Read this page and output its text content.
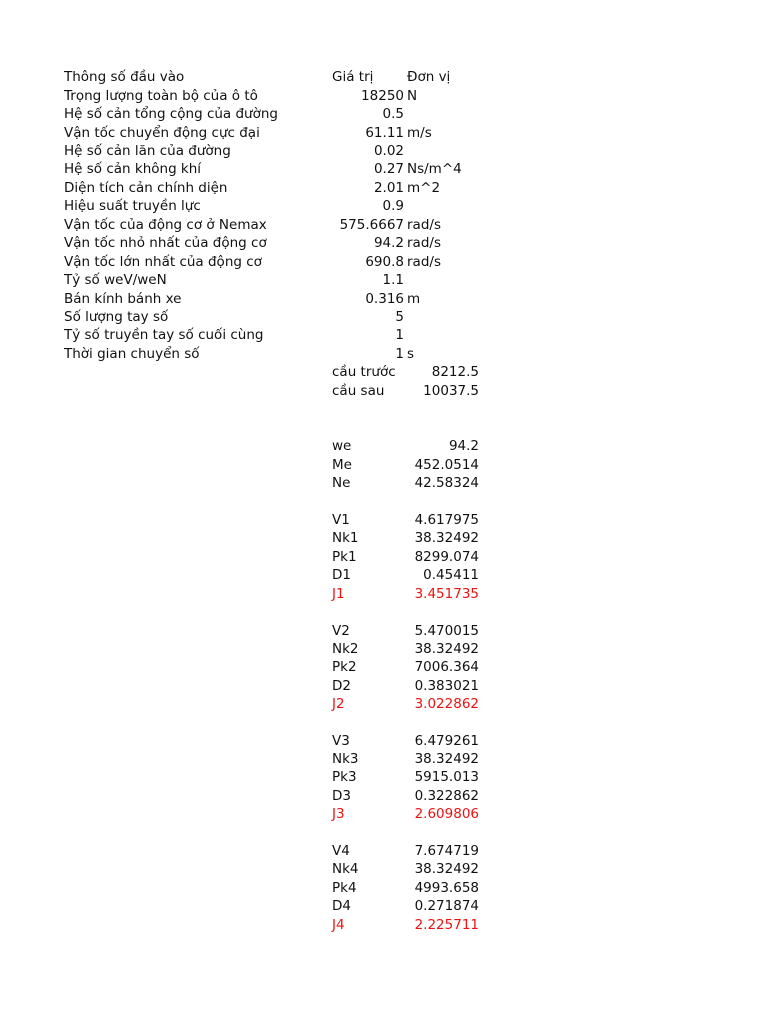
Thông số đầu vào	Giá trị Đơn vị
Trọng lượng toàn bộ của ô tô	18250 N
Hệ số cản tổng cộng của đường	0.5
Vận tốc chuyển động cực đại	61.11 m/s
Hệ số cản lăn của đường	0.02
Hệ số cản không khí	0.27 Ns/m^4
Diện tích cản chính diện	2.01 m^2
Hiệu suất truyền lực	0.9
Vận tốc của động cơ ở Nemax	575.6667 rad/s
Vận tốc nhỏ nhất của động cơ	94.2 rad/s
Vận tốc lớn nhất của động cơ	690.8 rad/s
Tỷ số weV/weN	1.1
Bán kính bánh xe	0.316 m
Số lượng tay số	5
Tỷ số truyền tay số cuối cùng	1
Thời gian chuyển số	1 s
cầu trước	8212.5
cầu sau	10037.5
we	94.2
Me	452.0514
Ne	42.58324
V1	4.617975
Nk1	38.32492
Pk1	8299.074
D1	0.45411
J1	3.451735
V2	5.470015
Nk2	38.32492
Pk2	7006.364
D2	0.383021
J2	3.022862
V3	6.479261
Nk3	38.32492
Pk3	5915.013
D3	0.322862
J3	2.609806
V4	7.674719
Nk4	38.32492
Pk4	4993.658
D4	0.271874
J4	2.225711
